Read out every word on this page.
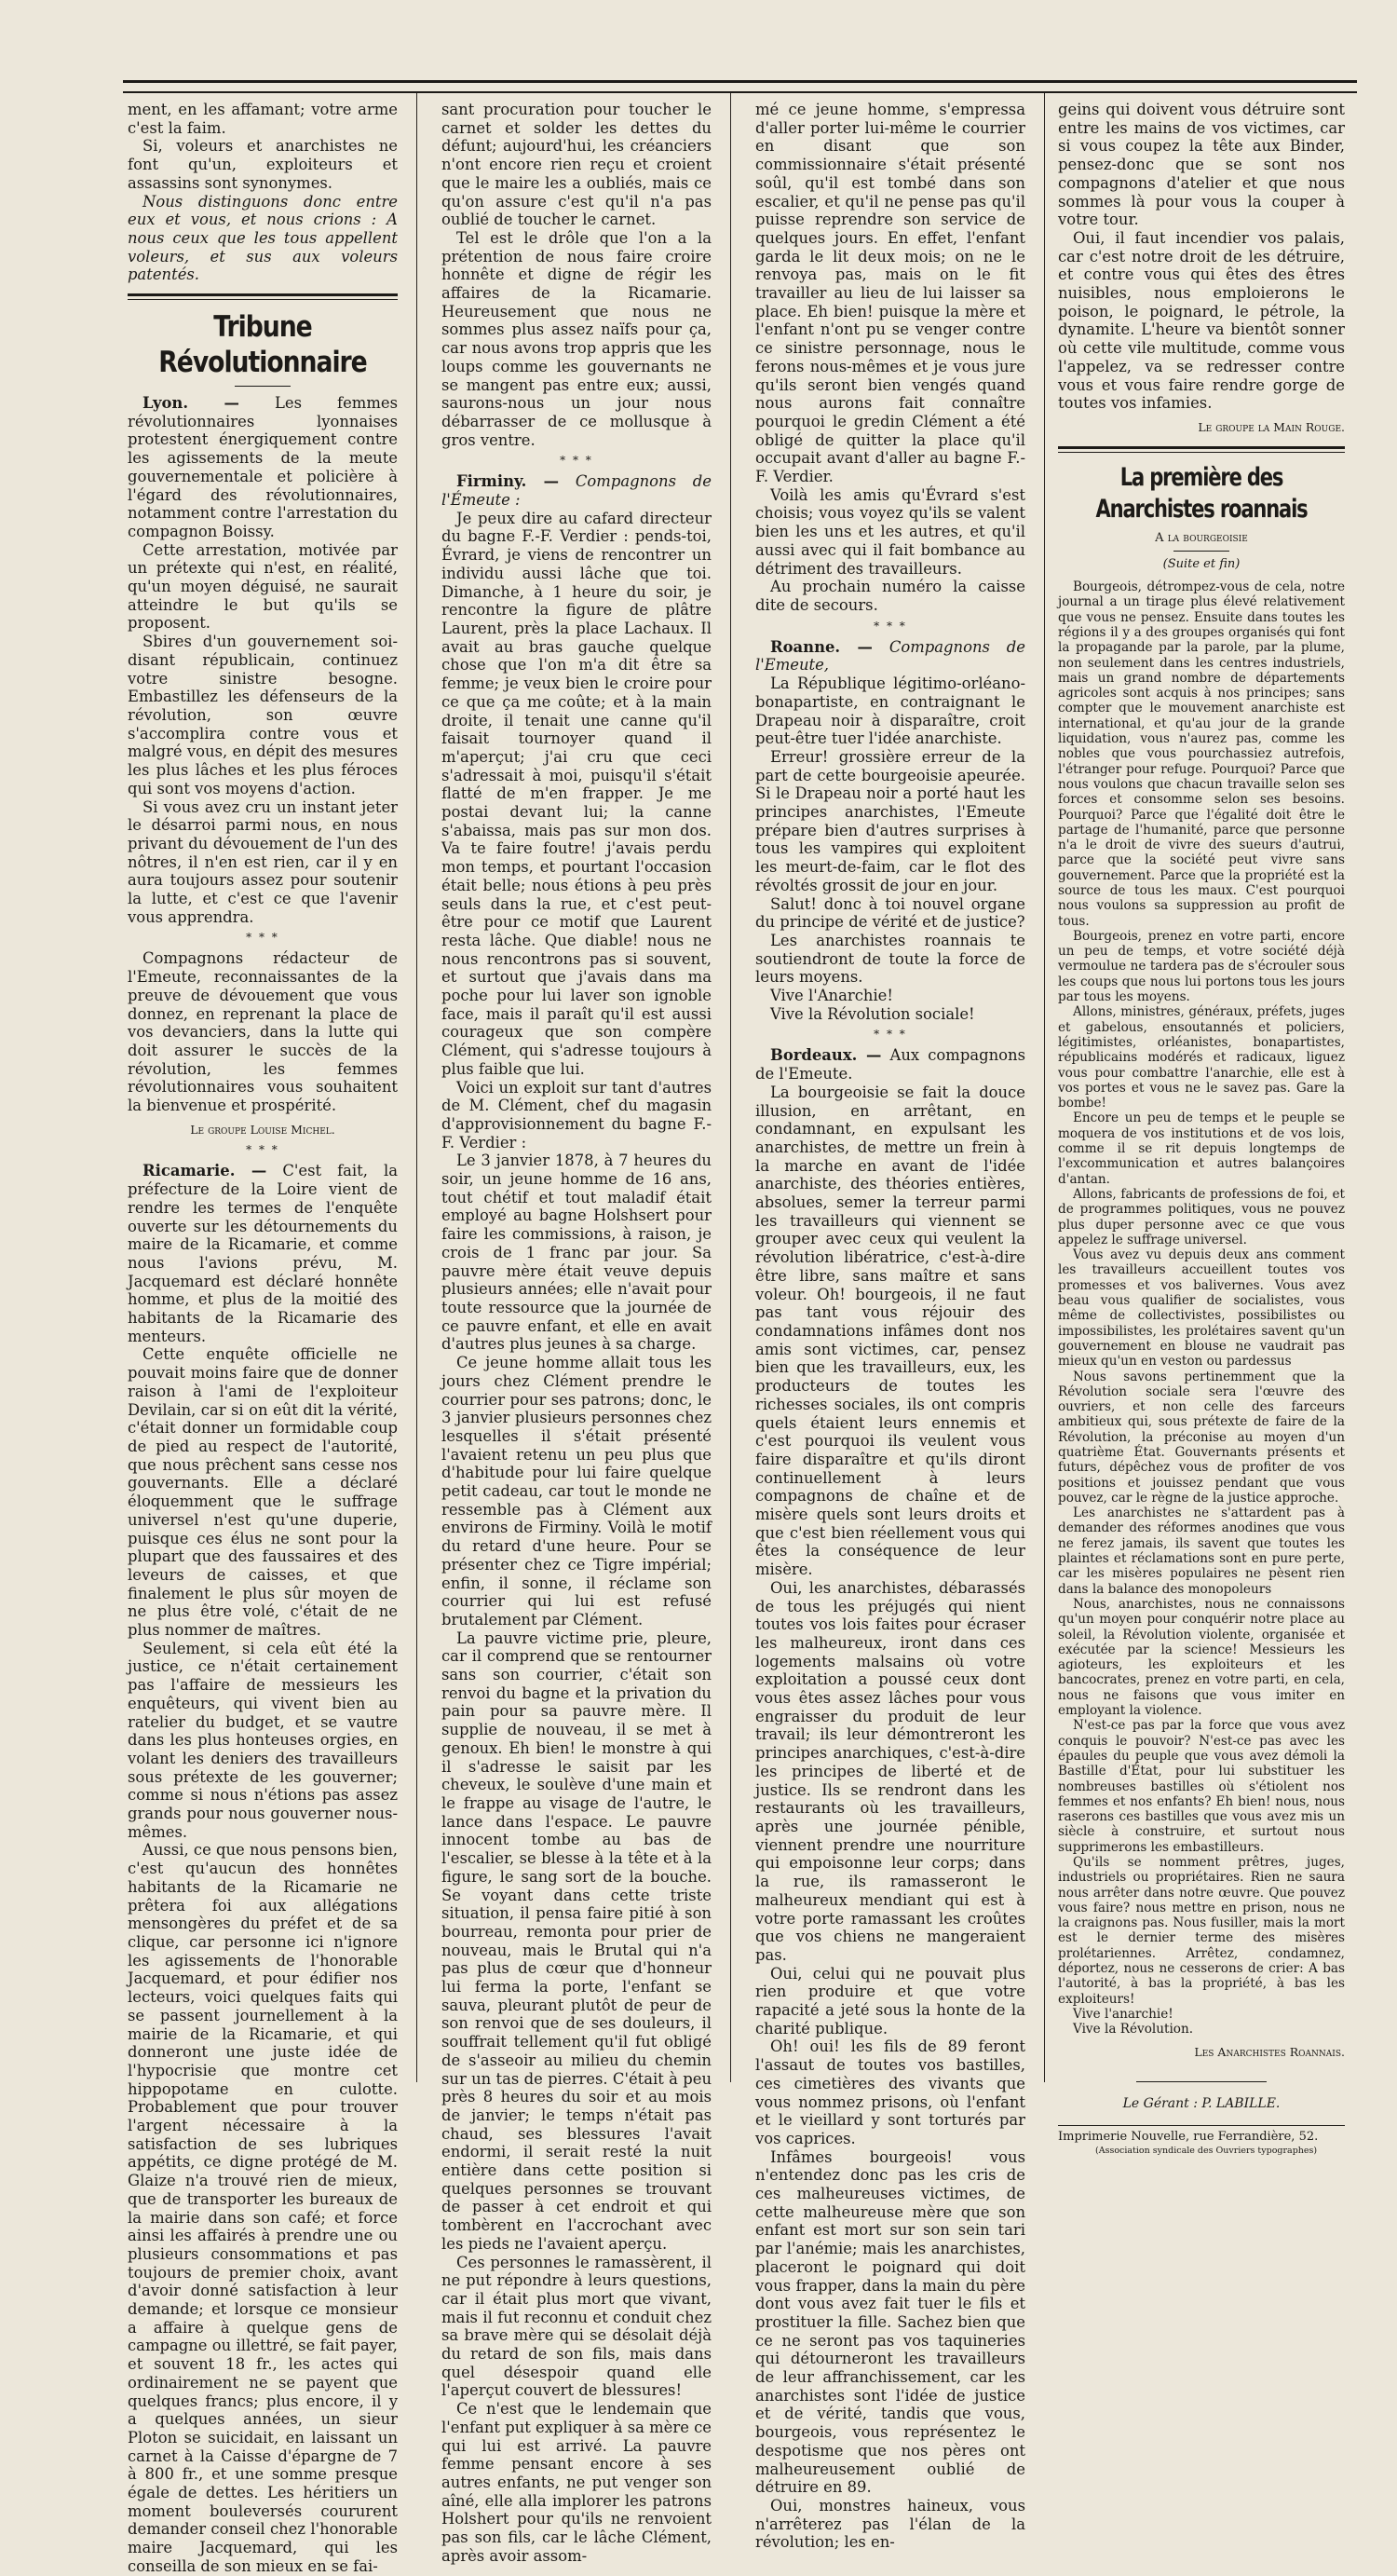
ment, en les affamant; votre arme c'est la faim.

Si, voleurs et anarchistes ne font qu'un, exploiteurs et assassins sont synonymes.

Nous distinguons donc entre eux et vous, et nous crions : A nous ceux que les tous appellent voleurs, et sus aux voleurs patentés.

Tribune Révolutionnaire

Lyon. — Les femmes révolutionnaires lyonnaises protestent énergiquement contre les agissements de la meute gouvernementale et policière à l'égard des révolutionnaires, notamment contre l'arrestation du compagnon Boissy.

Cette arrestation, motivée par un prétexte qui n'est, en réalité, qu'un moyen déguisé, ne saurait atteindre le but qu'ils se proposent.

Sbires d'un gouvernement soi-disant républicain, continuez votre sinistre besogne. Embastillez les défenseurs de la révolution, son œuvre s'accomplira contre vous et malgré vous, en dépit des mesures les plus lâches et les plus féroces qui sont vos moyens d'action.

Si vous avez cru un instant jeter le désarroi parmi nous, en nous privant du dévouement de l'un des nôtres, il n'en est rien, car il y en aura toujours assez pour soutenir la lutte, et c'est ce que l'avenir vous apprendra.

* * *

Compagnons rédacteur de l'Emeute, reconnaissantes de la preuve de dévouement que vous donnez, en reprenant la place de vos devanciers, dans la lutte qui doit assurer le succès de la révolution, les femmes révolutionnaires vous souhaitent la bienvenue et prospérité.

Le groupe Louise Michel.
* * *

Ricamarie. — C'est fait, la préfecture de la Loire vient de rendre les termes de l'enquête ouverte sur les détournements du maire de la Ricamarie, et comme nous l'avions prévu, M. Jacquemard est déclaré honnête homme, et plus de la moitié des habitants de la Ricamarie des menteurs.

Cette enquête officielle ne pouvait moins faire que de donner raison à l'ami de l'exploiteur Devilain, car si on eût dit la vérité, c'était donner un formidable coup de pied au respect de l'autorité, que nous prêchent sans cesse nos gouvernants. Elle a déclaré éloquemment que le suffrage universel n'est qu'une duperie, puisque ces élus ne sont pour la plupart que des faussaires et des leveurs de caisses, et que finalement le plus sûr moyen de ne plus être volé, c'était de ne plus nommer de maîtres.

Seulement, si cela eût été la justice, ce n'était certainement pas l'affaire de messieurs les enquêteurs, qui vivent bien au ratelier du budget, et se vautre dans les plus honteuses orgies, en volant les deniers des travailleurs sous prétexte de les gouverner; comme si nous n'étions pas assez grands pour nous gouverner nous-mêmes.

Aussi, ce que nous pensons bien, c'est qu'aucun des honnêtes habitants de la Ricamarie ne prêtera foi aux allégations mensongères du préfet et de sa clique, car personne ici n'ignore les agissements de l'honorable Jacquemard, et pour édifier nos lecteurs, voici quelques faits qui se passent journellement à la mairie de la Ricamarie, et qui donneront une juste idée de l'hypocrisie que montre cet hippopotame en culotte. Probablement que pour trouver l'argent nécessaire à la satisfaction de ses lubriques appétits, ce digne protégé de M. Glaize n'a trouvé rien de mieux, que de transporter les bureaux de la mairie dans son café; et force ainsi les affairés à prendre une ou plusieurs consommations et pas toujours de premier choix, avant d'avoir donné satisfaction à leur demande; et lorsque ce monsieur a affaire à quelque gens de campagne ou illettré, se fait payer, et souvent 18 fr., les actes qui ordinairement ne se payent que quelques francs; plus encore, il y a quelques années, un sieur Ploton se suicidait, en laissant un carnet à la Caisse d'épargne de 7 à 800 fr., et une somme presque égale de dettes. Les héritiers un moment bouleversés coururent demander conseil chez l'honorable maire Jacquemard, qui les conseilla de son mieux en se fai-

sant procuration pour toucher le carnet et solder les dettes du défunt; aujourd'hui, les créanciers n'ont encore rien reçu et croient que le maire les a oubliés, mais ce qu'on assure c'est qu'il n'a pas oublié de toucher le carnet.

Tel est le drôle que l'on a la prétention de nous faire croire honnête et digne de régir les affaires de la Ricamarie. Heureusement que nous ne sommes plus assez naïfs pour ça, car nous avons trop appris que les loups comme les gouvernants ne se mangent pas entre eux; aussi, saurons-nous un jour nous débarrasser de ce mollusque à gros ventre.

* * *

Firminy. — Compagnons de l'Émeute :

Je peux dire au cafard directeur du bagne F.-F. Verdier : pends-toi, Évrard, je viens de rencontrer un individu aussi lâche que toi. Dimanche, à 1 heure du soir, je rencontre la figure de plâtre Laurent, près la place Lachaux. Il avait au bras gauche quelque chose que l'on m'a dit être sa femme; je veux bien le croire pour ce que ça me coûte; et à la main droite, il tenait une canne qu'il faisait tournoyer quand il m'aperçut; j'ai cru que ceci s'adressait à moi, puisqu'il s'était flatté de m'en frapper. Je me postai devant lui; la canne s'abaissa, mais pas sur mon dos. Va te faire foutre! j'avais perdu mon temps, et pourtant l'occasion était belle; nous étions à peu près seuls dans la rue, et c'est peut-être pour ce motif que Laurent resta lâche. Que diable! nous ne nous rencontrons pas si souvent, et surtout que j'avais dans ma poche pour lui laver son ignoble face, mais il paraît qu'il est aussi courageux que son compère Clément, qui s'adresse toujours à plus faible que lui.

Voici un exploit sur tant d'autres de M. Clément, chef du magasin d'approvisionnement du bagne F.-F. Verdier :

Le 3 janvier 1878, à 7 heures du soir, un jeune homme de 16 ans, tout chétif et tout maladif était employé au bagne Holshsert pour faire les commissions, à raison, je crois de 1 franc par jour. Sa pauvre mère était veuve depuis plusieurs années; elle n'avait pour toute ressource que la journée de ce pauvre enfant, et elle en avait d'autres plus jeunes à sa charge.

Ce jeune homme allait tous les jours chez Clément prendre le courrier pour ses patrons; donc, le 3 janvier plusieurs personnes chez lesquelles il s'était présenté l'avaient retenu un peu plus que d'habitude pour lui faire quelque petit cadeau, car tout le monde ne ressemble pas à Clément aux environs de Firminy. Voilà le motif du retard d'une heure. Pour se présenter chez ce Tigre impérial; enfin, il sonne, il réclame son courrier qui lui est refusé brutalement par Clément.

La pauvre victime prie, pleure, car il comprend que se rentourner sans son courrier, c'était son renvoi du bagne et la privation du pain pour sa pauvre mère. Il supplie de nouveau, il se met à genoux. Eh bien! le monstre à qui il s'adresse le saisit par les cheveux, le soulève d'une main et le frappe au visage de l'autre, le lance dans l'espace. Le pauvre innocent tombe au bas de l'escalier, se blesse à la tête et à la figure, le sang sort de la bouche. Se voyant dans cette triste situation, il pensa faire pitié à son bourreau, remonta pour prier de nouveau, mais le Brutal qui n'a pas plus de cœur que d'honneur lui ferma la porte, l'enfant se sauva, pleurant plutôt de peur de son renvoi que de ses douleurs, il souffrait tellement qu'il fut obligé de s'asseoir au milieu du chemin sur un tas de pierres. C'était à peu près 8 heures du soir et au mois de janvier; le temps n'était pas chaud, ses blessures l'avait endormi, il serait resté la nuit entière dans cette position si quelques personnes se trouvant de passer à cet endroit et qui tombèrent en l'accrochant avec les pieds ne l'avaient aperçu.

Ces personnes le ramassèrent, il ne put répondre à leurs questions, car il était plus mort que vivant, mais il fut reconnu et conduit chez sa brave mère qui se désolait déjà du retard de son fils, mais dans quel désespoir quand elle l'aperçut couvert de blessures!

Ce n'est que le lendemain que l'enfant put expliquer à sa mère ce qui lui est arrivé. La pauvre femme pensant encore à ses autres enfants, ne put venger son aîné, elle alla implorer les patrons Holshert pour qu'ils ne renvoient pas son fils, car le lâche Clément, après avoir assom-

mé ce jeune homme, s'empressa d'aller porter lui-même le courrier en disant que son commissionnaire s'était présenté soûl, qu'il est tombé dans son escalier, et qu'il ne pense pas qu'il puisse reprendre son service de quelques jours. En effet, l'enfant garda le lit deux mois; on ne le renvoya pas, mais on le fit travailler au lieu de lui laisser sa place. Eh bien! puisque la mère et l'enfant n'ont pu se venger contre ce sinistre personnage, nous le ferons nous-mêmes et je vous jure qu'ils seront bien vengés quand nous aurons fait connaître pourquoi le gredin Clément a été obligé de quitter la place qu'il occupait avant d'aller au bagne F.-F. Verdier.

Voilà les amis qu'Évrard s'est choisis; vous voyez qu'ils se valent bien les uns et les autres, et qu'il aussi avec qui il fait bombance au détriment des travailleurs.

Au prochain numéro la caisse dite de secours.

* * *

Roanne. — Compagnons de l'Emeute,

La République légitimo-orléano-bonapartiste, en contraignant le Drapeau noir à disparaître, croit peut-être tuer l'idée anarchiste.

Erreur! grossière erreur de la part de cette bourgeoisie apeurée. Si le Drapeau noir a porté haut les principes anarchistes, l'Emeute prépare bien d'autres surprises à tous les vampires qui exploitent les meurt-de-faim, car le flot des révoltés grossit de jour en jour.

Salut! donc à toi nouvel organe du principe de vérité et de justice?

Les anarchistes roannais te soutiendront de toute la force de leurs moyens.

Vive l'Anarchie!

Vive la Révolution sociale!

* * *

Bordeaux. — Aux compagnons de l'Emeute.

La bourgeoisie se fait la douce illusion, en arrêtant, en condamnant, en expulsant les anarchistes, de mettre un frein à la marche en avant de l'idée anarchiste, des théories entières, absolues, semer la terreur parmi les travailleurs qui viennent se grouper avec ceux qui veulent la révolution libératrice, c'est-à-dire être libre, sans maître et sans voleur. Oh! bourgeois, il ne faut pas tant vous réjouir des condamnations infâmes dont nos amis sont victimes, car, pensez bien que les travailleurs, eux, les producteurs de toutes les richesses sociales, ils ont compris quels étaient leurs ennemis et c'est pourquoi ils veulent vous faire disparaître et qu'ils diront continuellement à leurs compagnons de chaîne et de misère quels sont leurs droits et que c'est bien réellement vous qui êtes la conséquence de leur misère.

Oui, les anarchistes, débarassés de tous les préjugés qui nient toutes vos lois faites pour écraser les malheureux, iront dans ces logements malsains où votre exploitation a poussé ceux dont vous êtes assez lâches pour vous engraisser du produit de leur travail; ils leur démontreront les principes anarchiques, c'est-à-dire les principes de liberté et de justice. Ils se rendront dans les restaurants où les travailleurs, après une journée pénible, viennent prendre une nourriture qui empoisonne leur corps; dans la rue, ils ramasseront le malheureux mendiant qui est à votre porte ramassant les croûtes que vos chiens ne mangeraient pas.

Oui, celui qui ne pouvait plus rien produire et que votre rapacité a jeté sous la honte de la charité publique.

Oh! oui! les fils de 89 feront l'assaut de toutes vos bastilles, ces cimetières des vivants que vous nommez prisons, où l'enfant et le vieillard y sont torturés par vos caprices.

Infâmes bourgeois! vous n'entendez donc pas les cris de ces malheureuses victimes, de cette malheureuse mère que son enfant est mort sur son sein tari par l'anémie; mais les anarchistes, placeront le poignard qui doit vous frapper, dans la main du père dont vous avez fait tuer le fils et prostituer la fille. Sachez bien que ce ne seront pas vos taquineries qui détourneront les travailleurs de leur affranchissement, car les anarchistes sont l'idée de justice et de vérité, tandis que vous, bourgeois, vous représentez le despotisme que nos pères ont malheureusement oublié de détruire en 89.

Oui, monstres haineux, vous n'arrêterez pas l'élan de la révolution; les en-

geins qui doivent vous détruire sont entre les mains de vos victimes, car si vous coupez la tête aux Binder, pensez-donc que se sont nos compagnons d'atelier et que nous sommes là pour vous la couper à votre tour.

Oui, il faut incendier vos palais, car c'est notre droit de les détruire, et contre vous qui êtes des êtres nuisibles, nous emploierons le poison, le poignard, le pétrole, la dynamite. L'heure va bientôt sonner où cette vile multitude, comme vous l'appelez, va se redresser contre vous et vous faire rendre gorge de toutes vos infamies.

Le groupe la Main Rouge.
La première des Anarchistes roannais
A la bourgeoisie
(Suite et fin)

Bourgeois, détrompez-vous de cela, notre journal a un tirage plus élevé relativement que vous ne pensez. Ensuite dans toutes les régions il y a des groupes organisés qui font la propagande par la parole, par la plume, non seulement dans les centres industriels, mais un grand nombre de départements agricoles sont acquis à nos principes; sans compter que le mouvement anarchiste est international, et qu'au jour de la grande liquidation, vous n'aurez pas, comme les nobles que vous pourchassiez autrefois, l'étranger pour refuge. Pourquoi? Parce que nous voulons que chacun travaille selon ses forces et consomme selon ses besoins. Pourquoi? Parce que l'égalité doit être le partage de l'humanité, parce que personne n'a le droit de vivre des sueurs d'autrui, parce que la société peut vivre sans gouvernement. Parce que la propriété est la source de tous les maux. C'est pourquoi nous voulons sa suppression au profit de tous.

Bourgeois, prenez en votre parti, encore un peu de temps, et votre société déjà vermoulue ne tardera pas de s'écrouler sous les coups que nous lui portons tous les jours par tous les moyens.

Allons, ministres, généraux, préfets, juges et gabelous, ensoutannés et policiers, légitimistes, orléanistes, bonapartistes, républicains modérés et radicaux, liguez vous pour combattre l'anarchie, elle est à vos portes et vous ne le savez pas. Gare la bombe!

Encore un peu de temps et le peuple se moquera de vos institutions et de vos lois, comme il se rit depuis longtemps de l'excommunication et autres balançoires d'antan.

Allons, fabricants de professions de foi, et de programmes politiques, vous ne pouvez plus duper personne avec ce que vous appelez le suffrage universel.

Vous avez vu depuis deux ans comment les travailleurs accueillent toutes vos promesses et vos balivernes. Vous avez beau vous qualifier de socialistes, vous même de collectivistes, possibilistes ou impossibilistes, les prolétaires savent qu'un gouvernement en blouse ne vaudrait pas mieux qu'un en veston ou pardessus

Nous savons pertinemment que la Révolution sociale sera l'œuvre des ouvriers, et non celle des farceurs ambitieux qui, sous prétexte de faire de la Révolution, la préconise au moyen d'un quatrième État. Gouvernants présents et futurs, dépêchez vous de profiter de vos positions et jouissez pendant que vous pouvez, car le règne de la justice approche.

Les anarchistes ne s'attardent pas à demander des réformes anodines que vous ne ferez jamais, ils savent que toutes les plaintes et réclamations sont en pure perte, car les misères populaires ne pèsent rien dans la balance des monopoleurs

Nous, anarchistes, nous ne connaissons qu'un moyen pour conquérir notre place au soleil, la Révolution violente, organisée et exécutée par la science! Messieurs les agioteurs, les exploiteurs et les bancocrates, prenez en votre parti, en cela, nous ne faisons que vous imiter en employant la violence.

N'est-ce pas par la force que vous avez conquis le pouvoir? N'est-ce pas avec les épaules du peuple que vous avez démoli la Bastille d'État, pour lui substituer les nombreuses bastilles où s'étiolent nos femmes et nos enfants? Eh bien! nous, nous raserons ces bastilles que vous avez mis un siècle à construire, et surtout nous supprimerons les embastilleurs.

Qu'ils se nomment prêtres, juges, industriels ou propriétaires. Rien ne saura nous arrêter dans notre œuvre. Que pouvez vous faire? nous mettre en prison, nous ne la craignons pas. Nous fusiller, mais la mort est le dernier terme des misères prolétariennes. Arrêtez, condamnez, déportez, nous ne cesserons de crier: A bas l'autorité, à bas la propriété, à bas les exploiteurs!

Vive l'anarchie!

Vive la Révolution.

Les Anarchistes Roannais.
Le Gérant : P. LABILLE.
Imprimerie Nouvelle, rue Ferrandière, 52.
(Association syndicale des Ouvriers typographes)
